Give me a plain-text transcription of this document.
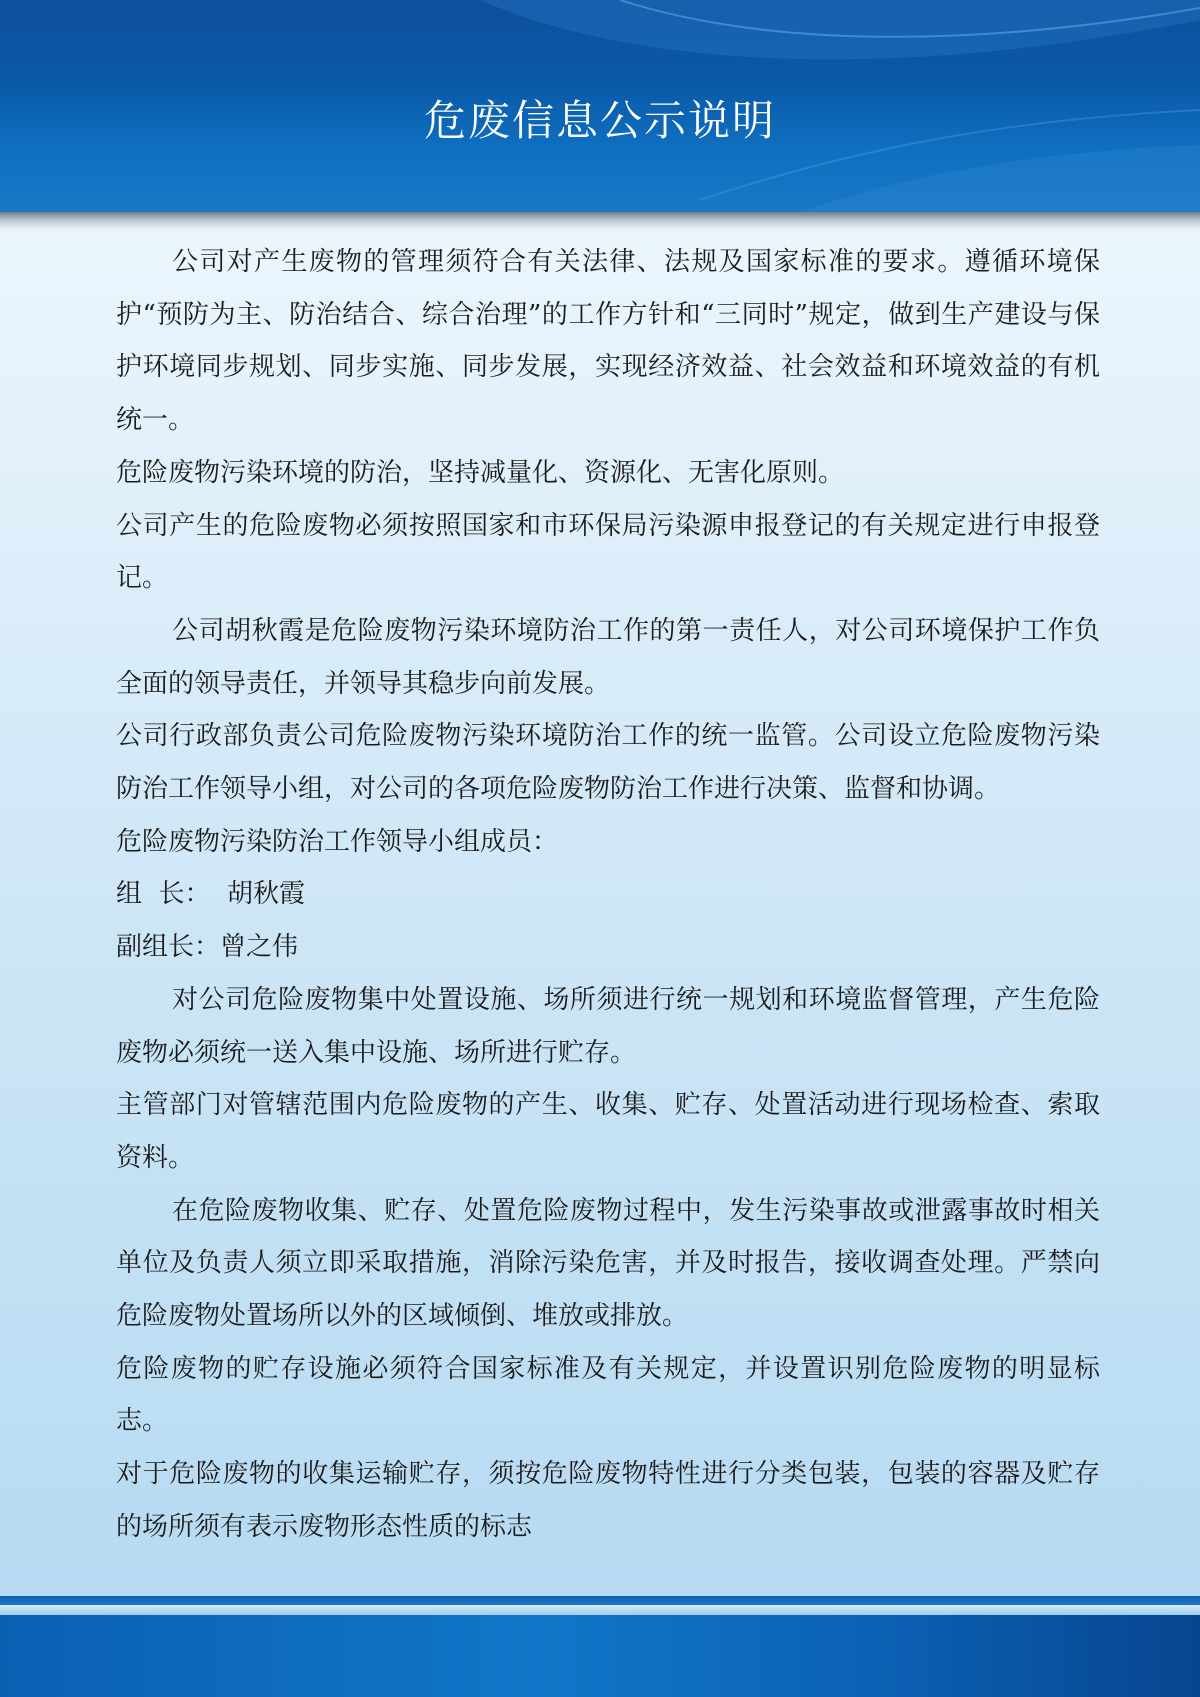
危废信息公示说明

公司对产生废物的管理须符合有关法律、法规及国家标准的要求。遵循环境保护“预防为主、防治结合、综合治理”的工作方针和“三同时”规定，做到生产建设与保护环境同步规划、同步实施、同步发展，实现经济效益、社会效益和环境效益的有机统一。

危险废物污染环境的防治，坚持减量化、资源化、无害化原则。

公司产生的危险废物必须按照国家和市环保局污染源申报登记的有关规定进行申报登记。

公司胡秋霞是危险废物污染环境防治工作的第一责任人，对公司环境保护工作负全面的领导责任，并领导其稳步向前发展。

公司行政部负责公司危险废物污染环境防治工作的统一监管。公司设立危险废物污染防治工作领导小组，对公司的各项危险废物防治工作进行决策、监督和协调。

危险废物污染防治工作领导小组成员：

组  长：  胡秋霞

副组长：曾之伟

对公司危险废物集中处置设施、场所须进行统一规划和环境监督管理，产生危险废物必须统一送入集中设施、场所进行贮存。

主管部门对管辖范围内危险废物的产生、收集、贮存、处置活动进行现场检查、索取资料。

在危险废物收集、贮存、处置危险废物过程中，发生污染事故或泄露事故时相关单位及负责人须立即采取措施，消除污染危害，并及时报告，接收调查处理。严禁向危险废物处置场所以外的区域倾倒、堆放或排放。

危险废物的贮存设施必须符合国家标准及有关规定，并设置识别危险废物的明显标志。

对于危险废物的收集运输贮存，须按危险废物特性进行分类包装，包装的容器及贮存的场所须有表示废物形态性质的标志
